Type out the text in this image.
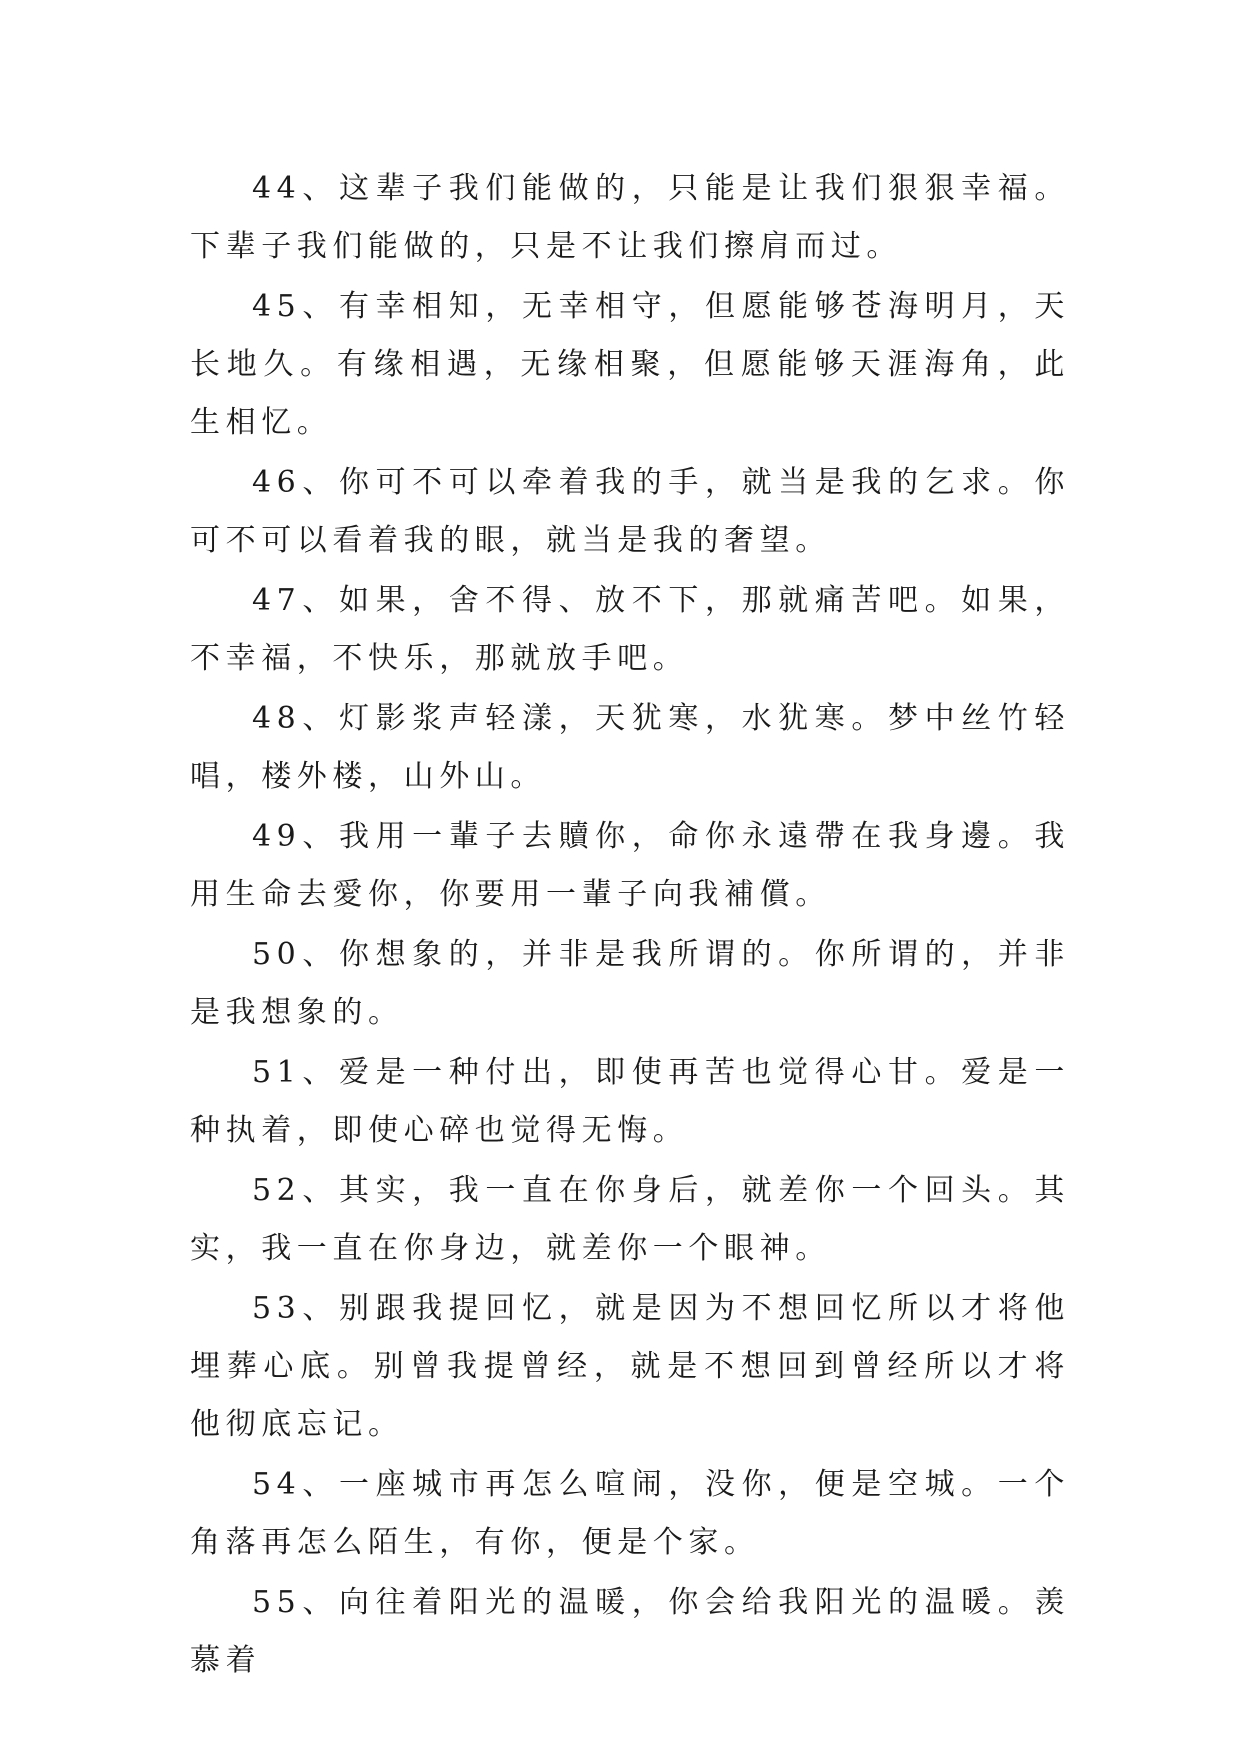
44、这辈子我们能做的，只能是让我们狠狠幸福。下辈子我们能做的，只是不让我们擦肩而过。

45、有幸相知，无幸相守，但愿能够苍海明月，天长地久。有缘相遇，无缘相聚，但愿能够天涯海角，此生相忆。

46、你可不可以牵着我的手，就当是我的乞求。你可不可以看着我的眼，就当是我的奢望。

47、如果，舍不得、放不下，那就痛苦吧。如果，不幸福，不快乐，那就放手吧。

48、灯影浆声轻漾，天犹寒，水犹寒。梦中丝竹轻唱，楼外楼，山外山。

49、我用一輩子去贖你，命你永遠帶在我身邊。我用生命去愛你，你要用一輩子向我補償。

50、你想象的，并非是我所谓的。你所谓的，并非是我想象的。

51、爱是一种付出，即使再苦也觉得心甘。爱是一种执着，即使心碎也觉得无悔。

52、其实，我一直在你身后，就差你一个回头。其实，我一直在你身边，就差你一个眼神。

53、别跟我提回忆，就是因为不想回忆所以才将他埋葬心底。别曾我提曾经，就是不想回到曾经所以才将他彻底忘记。

54、一座城市再怎么喧闹，没你，便是空城。一个角落再怎么陌生，有你，便是个家。

55、向往着阳光的温暖，你会给我阳光的温暖。羡慕着
